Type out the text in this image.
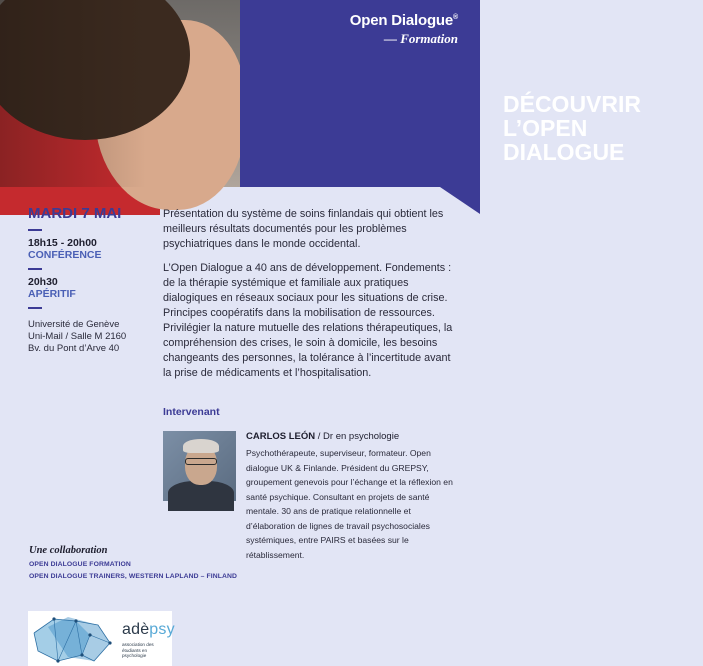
Open Dialogue®
— Formation
DÉCOUVRIR
L’OPEN
DIALOGUE
MARDI 7 MAI
18h15 - 20h00
CONFÉRENCE
20h30
APÉRITIF
Université de Genève
Uni-Mail / Salle M 2160
Bv. du Pont d’Arve 40

Présentation du système de soins finlandais qui obtient les meilleurs résultats documentés pour les problèmes psychiatriques dans le monde occidental.

L’Open Dialogue a 40 ans de développement. Fondements : de la thérapie systémique et familiale aux pratiques dialogiques en réseaux sociaux pour les situations de crise. Principes coopératifs dans la mobilisation de ressources. Privilégier la nature mutuelle des relations thérapeutiques, la compréhension des crises, le soin à domicile, les besoins changeants des personnes, la tolérance à l’incertitude avant la prise de médicaments et l’hospitalisation.

Intervenant
CARLOS LEÓN / Dr en psychologie
Psychothérapeute, superviseur, formateur. Open dialogue UK & Finlande. Président du GREPSY, groupement genevois pour l’échange et la réflexion en santé psychique. Consultant en projets de santé mentale. 30 ans de pratique relationnelle et d’élaboration de lignes de travail psychosociales systémiques, entre PAIRS et basées sur le rétablissement.
Une collaboration
OPEN DIALOGUE FORMATION
OPEN DIALOGUE TRAINERS, WESTERN LAPLAND – FINLAND
adèpsy
association des étudiants en psychologie
